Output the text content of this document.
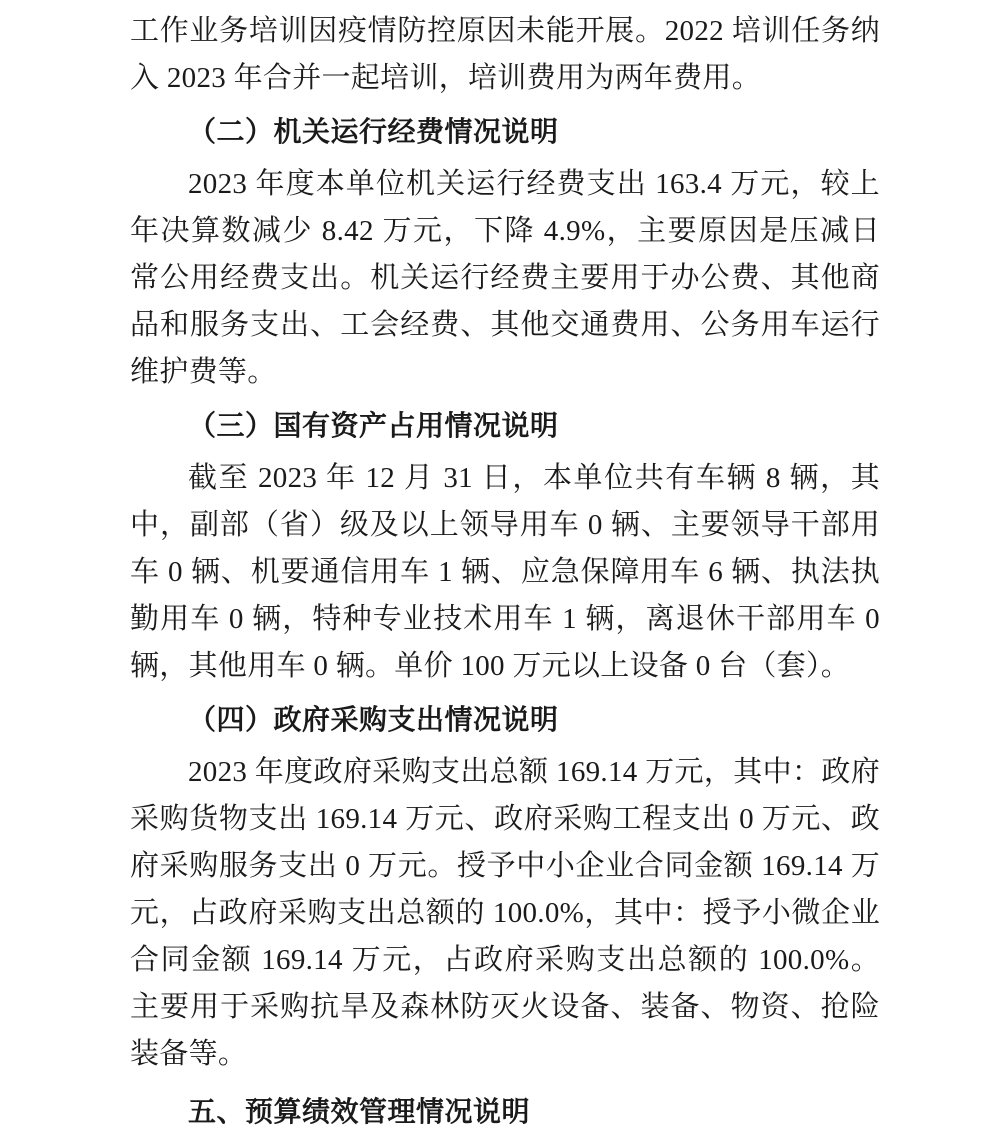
工作业务培训因疫情防控原因未能开展。2022 培训任务纳入 2023 年合并一起培训，培训费用为两年费用。

（二）机关运行经费情况说明

2023 年度本单位机关运行经费支出 163.4 万元，较上年决算数减少 8.42 万元，下降 4.9%，主要原因是压减日常公用经费支出。机关运行经费主要用于办公费、其他商品和服务支出、工会经费、其他交通费用、公务用车运行维护费等。

（三）国有资产占用情况说明

截至 2023 年 12 月 31 日，本单位共有车辆 8 辆，其中，副部（省）级及以上领导用车 0 辆、主要领导干部用车 0 辆、机要通信用车 1 辆、应急保障用车 6 辆、执法执勤用车 0 辆，特种专业技术用车 1 辆，离退休干部用车 0 辆，其他用车 0 辆。单价 100 万元以上设备 0 台（套）。

（四）政府采购支出情况说明

2023 年度政府采购支出总额 169.14 万元，其中：政府采购货物支出 169.14 万元、政府采购工程支出 0 万元、政府采购服务支出 0 万元。授予中小企业合同金额 169.14 万元，占政府采购支出总额的 100.0%，其中：授予小微企业合同金额 169.14 万元，占政府采购支出总额的 100.0%。主要用于采购抗旱及森林防灭火设备、装备、物资、抢险装备等。

五、预算绩效管理情况说明
